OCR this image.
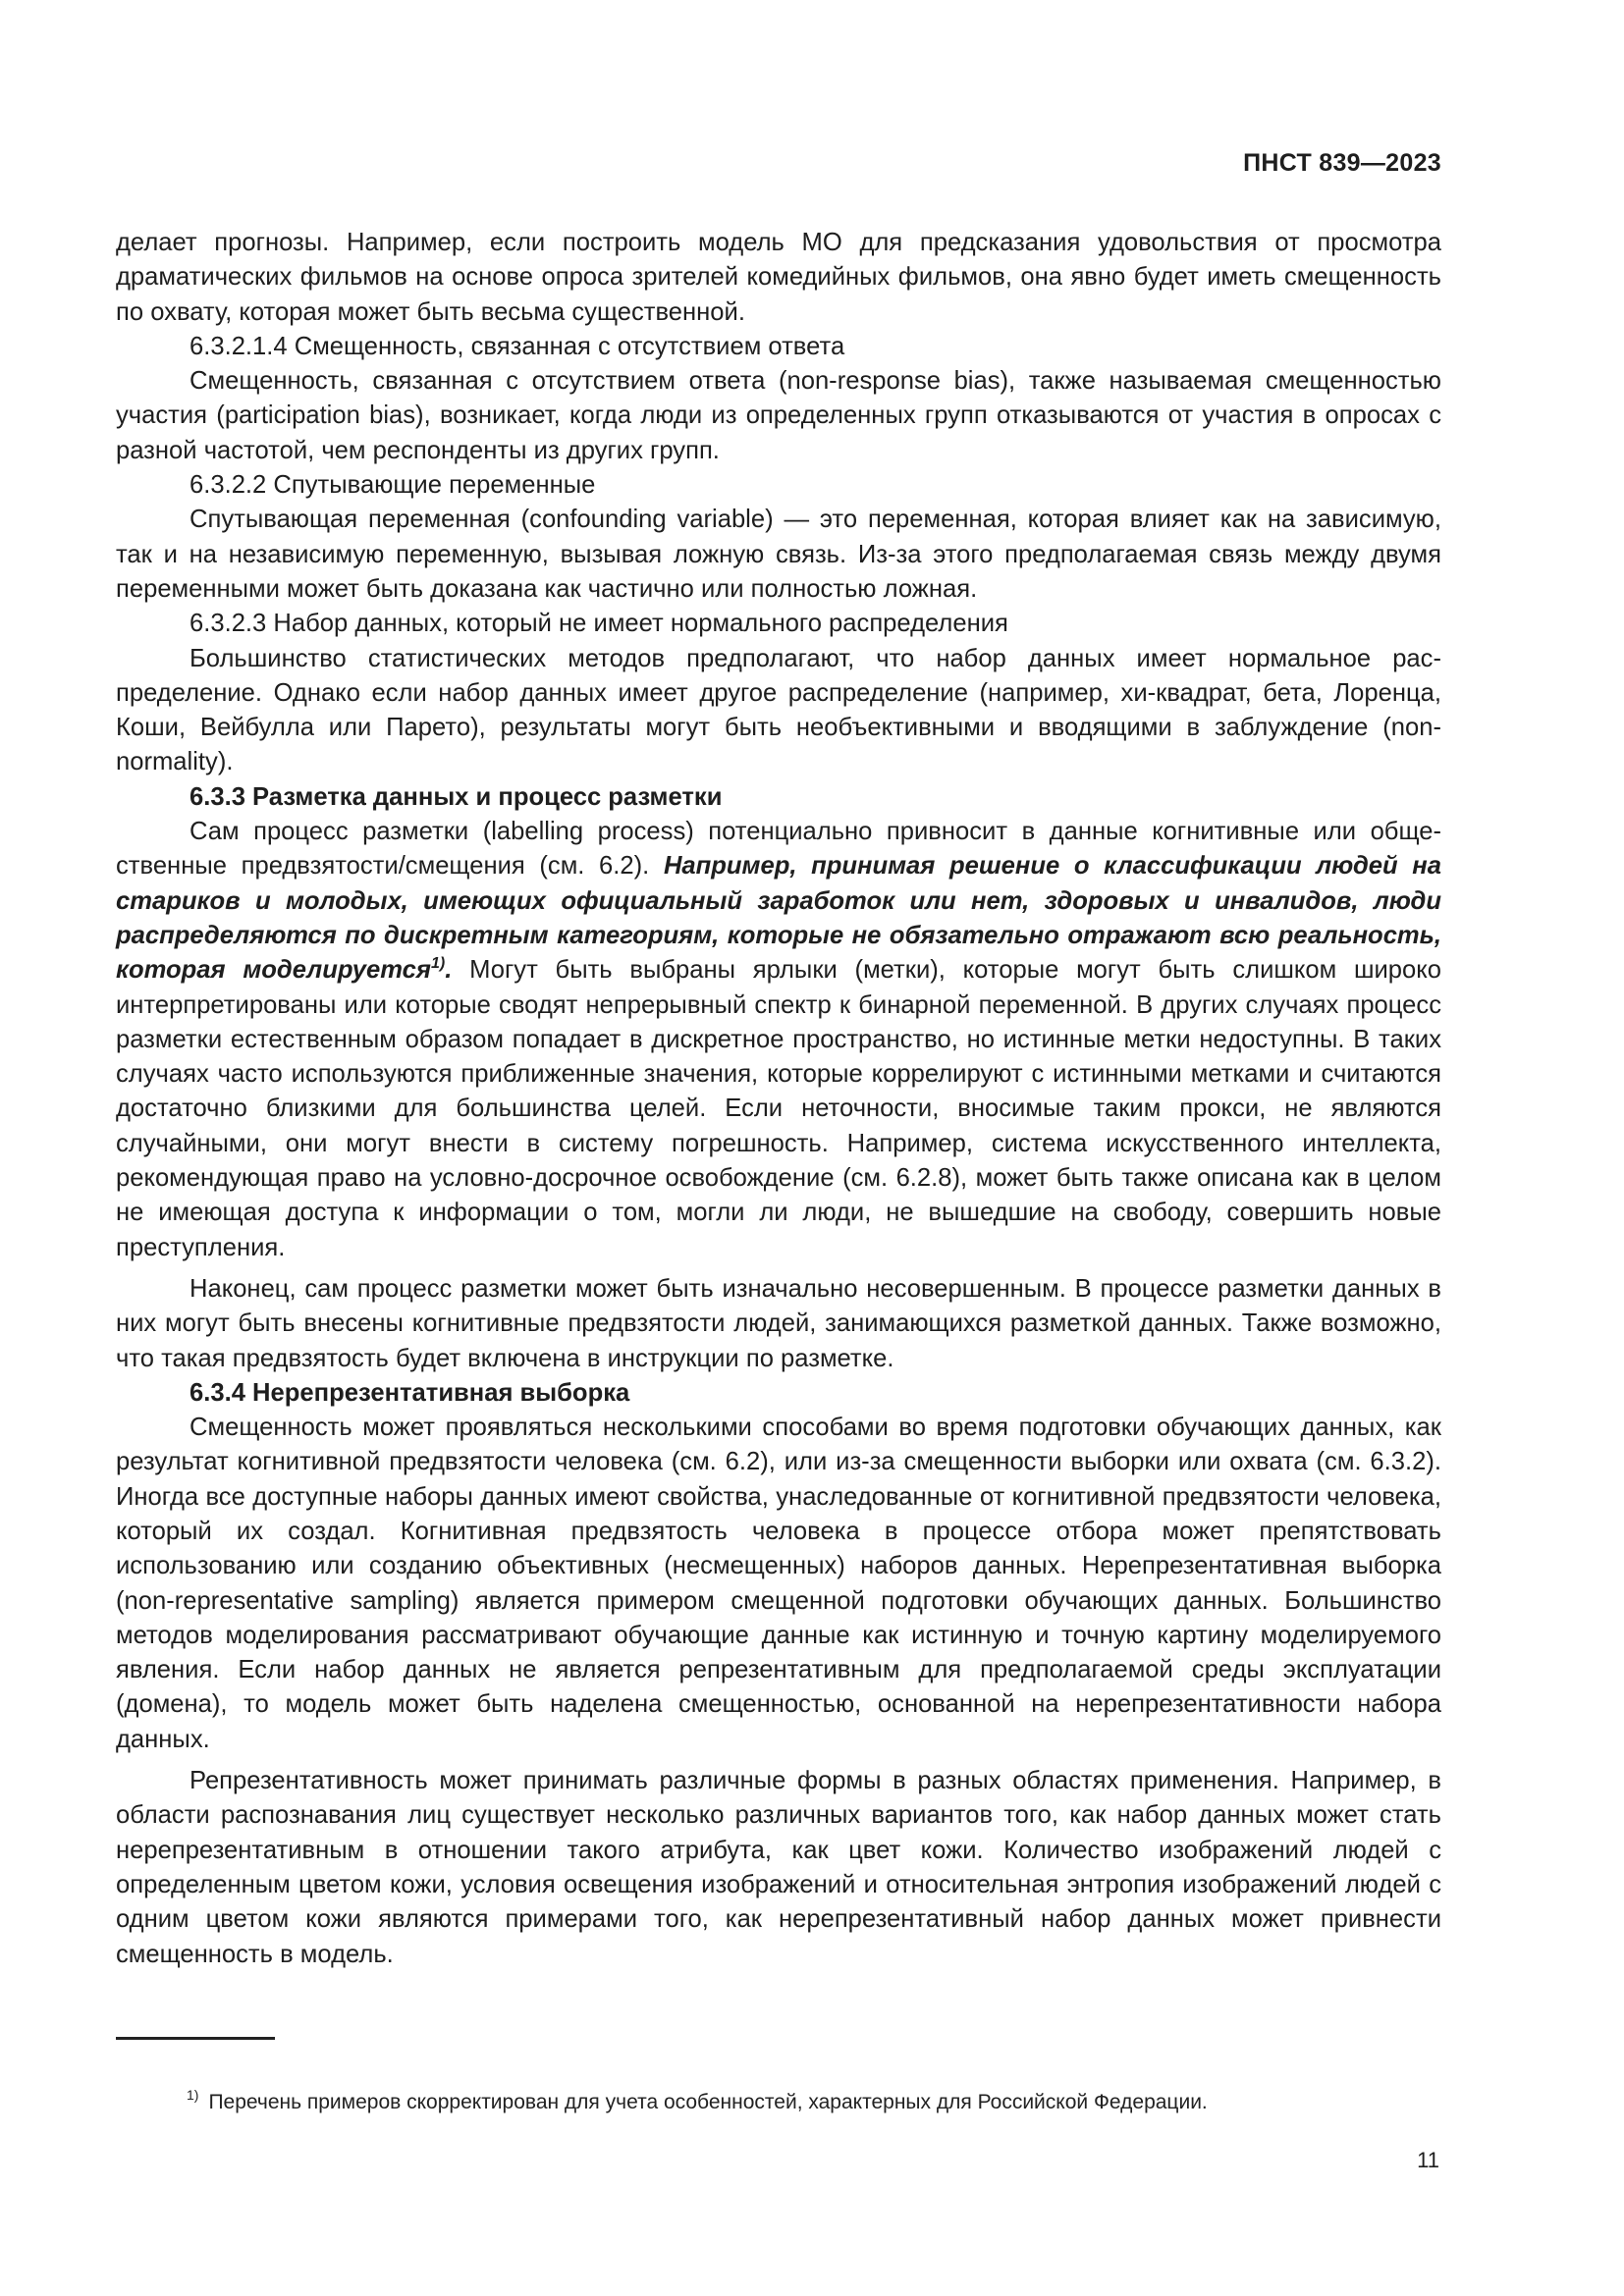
ПНСТ 839—2023

делает прогнозы. Например, если построить модель МО для предсказания удовольствия от просмотра драматических фильмов на основе опроса зрителей комедийных фильмов, она явно будет иметь смещенность по охвату, которая может быть весьма существенной.

6.3.2.1.4 Смещенность, связанная с отсутствием ответа

Смещенность, связанная с отсутствием ответа (non-response bias), также называемая смещенностью участия (participation bias), возникает, когда люди из определенных групп отказываются от участия в опросах с разной частотой, чем респонденты из других групп.

6.3.2.2 Спутывающие переменные

Спутывающая переменная (confounding variable) — это переменная, которая влияет как на зависимую, так и на независимую переменную, вызывая ложную связь. Из-за этого предполагаемая связь между двумя переменными может быть доказана как частично или полностью ложная.

6.3.2.3 Набор данных, который не имеет нормального распределения

Большинство статистических методов предполагают, что набор данных имеет нормальное распределение. Однако если набор данных имеет другое распределение (например, хи-квадрат, бета, Лоренца, Коши, Вейбулла или Парето), результаты могут быть необъективными и вводящими в заблуждение (non-normality).

6.3.3 Разметка данных и процесс разметки

Сам процесс разметки (labelling process) потенциально привносит в данные когнитивные или общественные предвзятости/смещения (см. 6.2). Например, принимая решение о классификации людей на стариков и молодых, имеющих официальный заработок или нет, здоровых и инвалидов, люди распределяются по дискретным категориям, которые не обязательно отражают всю реальность, которая моделируется$^{1)}$. Могут быть выбраны ярлыки (метки), которые могут быть слишком широко интерпретированы или которые сводят непрерывный спектр к бинарной переменной. В других случаях процесс разметки естественным образом попадает в дискретное пространство, но истинные метки недоступны. В таких случаях часто используются приближенные значения, которые коррелируют с истинными метками и считаются достаточно близкими для большинства целей. Если неточности, вносимые таким прокси, не являются случайными, они могут внести в систему погрешность. Например, система искусственного интеллекта, рекомендующая право на условно-досрочное освобождение (см. 6.2.8), может быть также описана как в целом не имеющая доступа к информации о том, могли ли люди, не вышедшие на свободу, совершить новые преступления.

Наконец, сам процесс разметки может быть изначально несовершенным. В процессе разметки данных в них могут быть внесены когнитивные предвзятости людей, занимающихся разметкой данных. Также возможно, что такая предвзятость будет включена в инструкции по разметке.

6.3.4 Нерепрезентативная выборка

Смещенность может проявляться несколькими способами во время подготовки обучающих данных, как результат когнитивной предвзятости человека (см. 6.2), или из-за смещенности выборки или охвата (см. 6.3.2). Иногда все доступные наборы данных имеют свойства, унаследованные от когнитивной предвзятости человека, который их создал. Когнитивная предвзятость человека в процессе отбора может препятствовать использованию или созданию объективных (несмещенных) наборов данных. Нерепрезентативная выборка (non-representative sampling) является примером смещенной подготовки обучающих данных. Большинство методов моделирования рассматривают обучающие данные как истинную и точную картину моделируемого явления. Если набор данных не является репрезентативным для предполагаемой среды эксплуатации (домена), то модель может быть наделена смещенностью, основанной на нерепрезентативности набора данных.

Репрезентативность может принимать различные формы в разных областях применения. Например, в области распознавания лиц существует несколько различных вариантов того, как набор данных может стать нерепрезентативным в отношении такого атрибута, как цвет кожи. Количество изображений людей с определенным цветом кожи, условия освещения изображений и относительная энтропия изображений людей с одним цветом кожи являются примерами того, как нерепрезентативный набор данных может привнести смещенность в модель.

$^{1)}$ Перечень примеров скорректирован для учета особенностей, характерных для Российской Федерации.
11
